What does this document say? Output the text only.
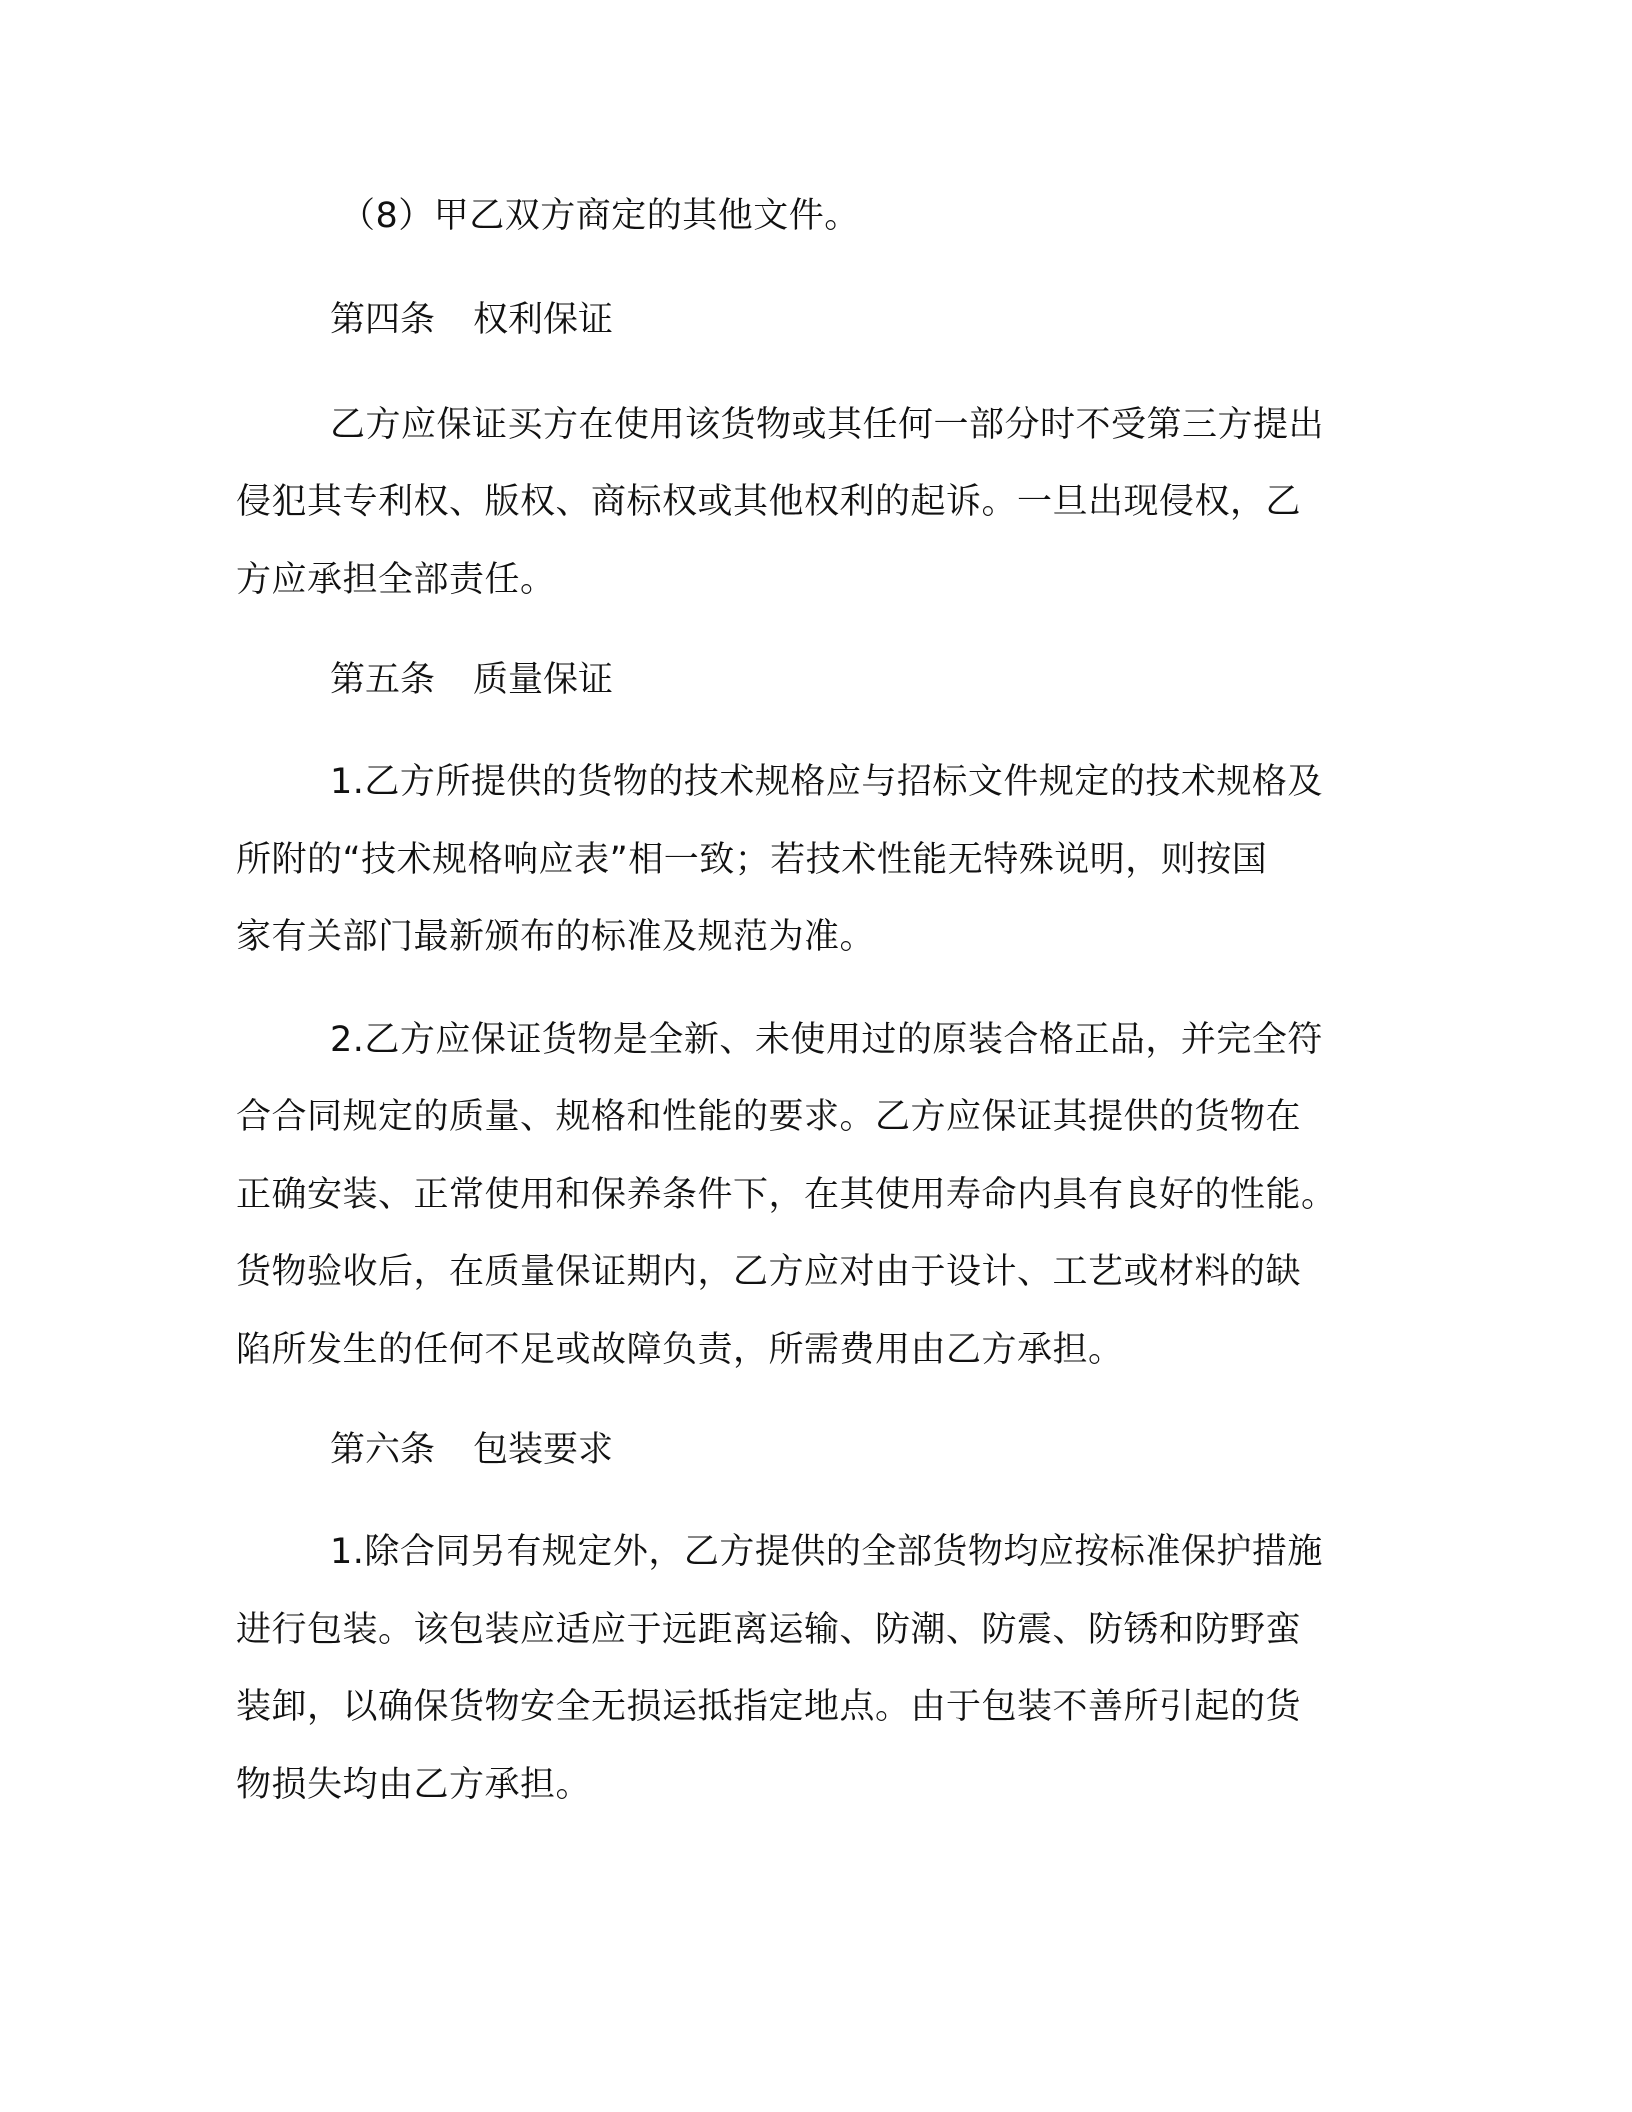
（8）甲乙双方商定的其他文件。
第四条 权利保证
乙方应保证买方在使用该货物或其任何一部分时不受第三方提出
侵犯其专利权、版权、商标权或其他权利的起诉。一旦出现侵权，乙
方应承担全部责任。
第五条 质量保证
1.乙方所提供的货物的技术规格应与招标文件规定的技术规格及
所附的“技术规格响应表”相一致；若技术性能无特殊说明，则按国
家有关部门最新颁布的标准及规范为准。
2.乙方应保证货物是全新、未使用过的原装合格正品，并完全符
合合同规定的质量、规格和性能的要求。乙方应保证其提供的货物在
正确安装、正常使用和保养条件下，在其使用寿命内具有良好的性能。
货物验收后，在质量保证期内，乙方应对由于设计、工艺或材料的缺
陷所发生的任何不足或故障负责，所需费用由乙方承担。
第六条 包装要求
1.除合同另有规定外，乙方提供的全部货物均应按标准保护措施
进行包装。该包装应适应于远距离运输、防潮、防震、防锈和防野蛮
装卸，以确保货物安全无损运抵指定地点。由于包装不善所引起的货
物损失均由乙方承担。
